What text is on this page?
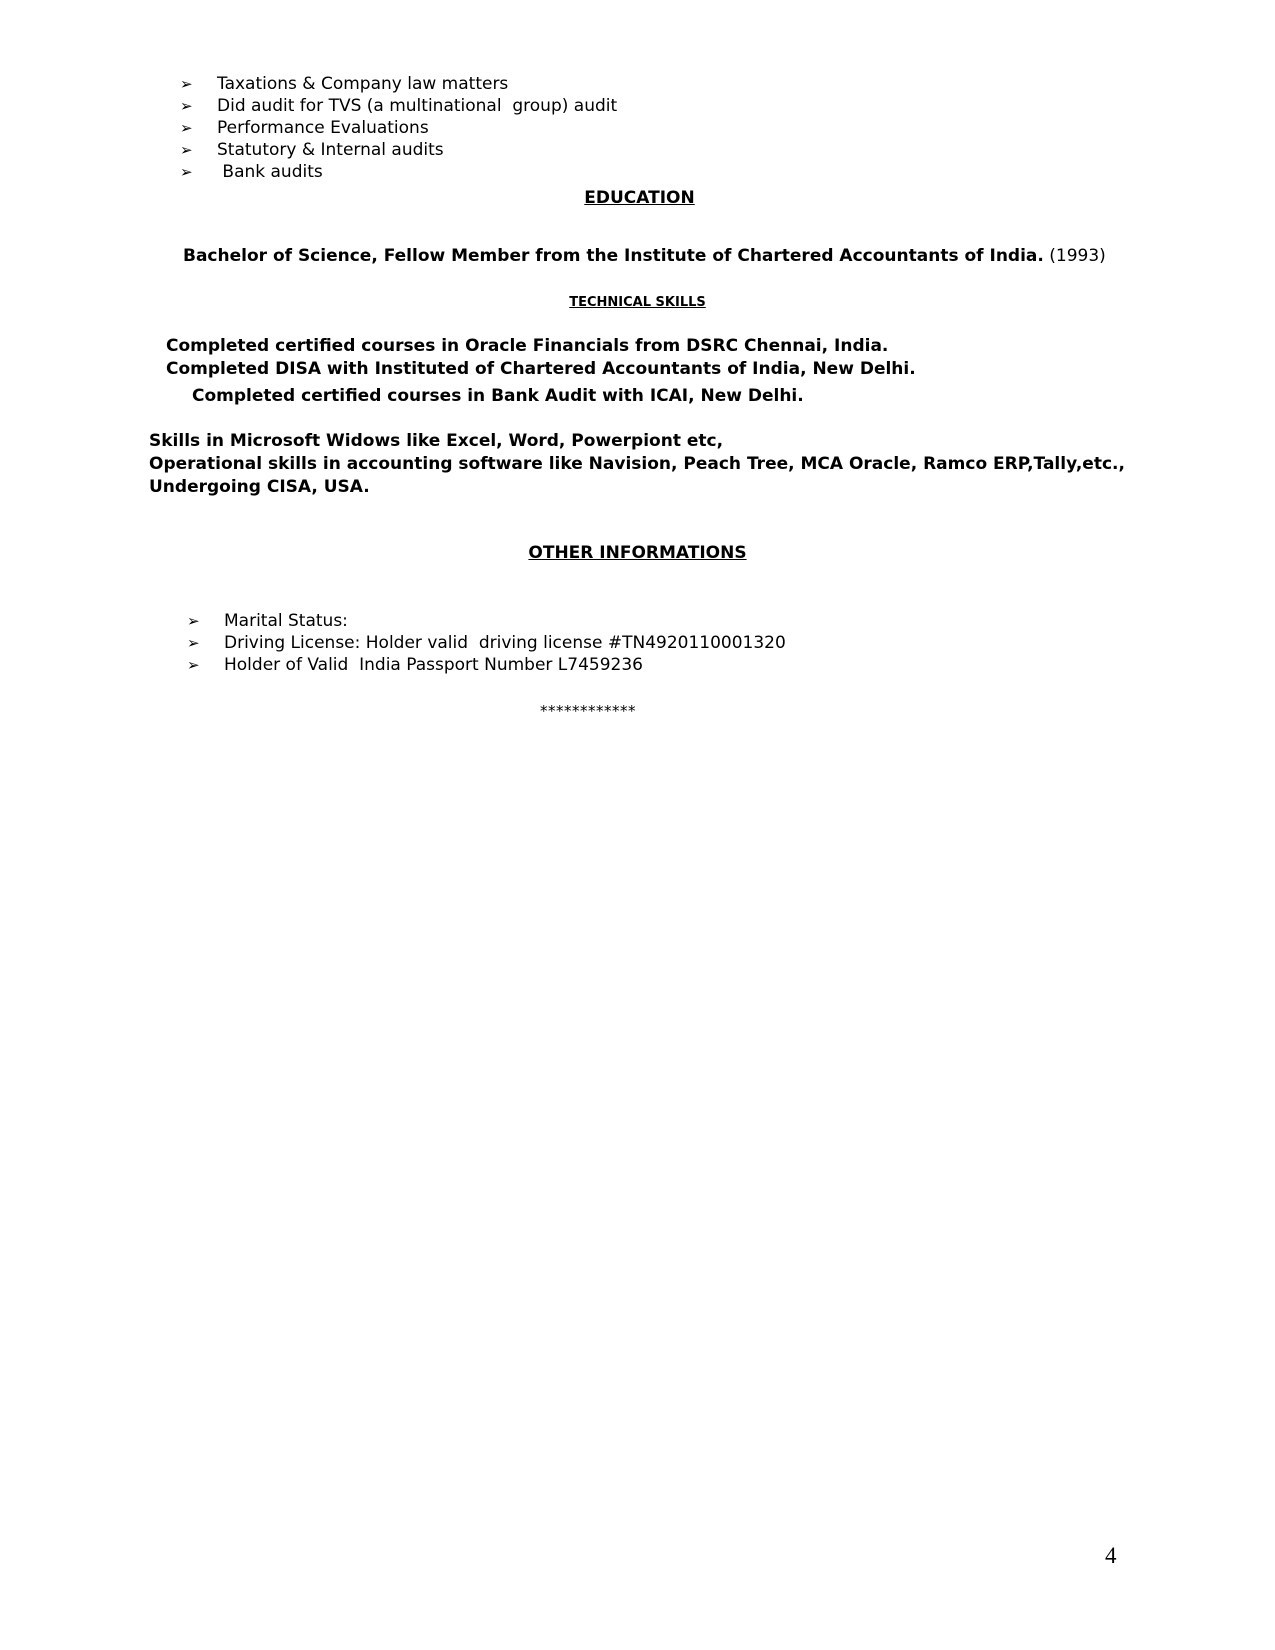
➢ Taxations & Company law matters
➢ Did audit for TVS (a multinational  group) audit
➢ Performance Evaluations
➢ Statutory & Internal audits
➢ Bank audits
EDUCATION
Bachelor of Science, Fellow Member from the Institute of Chartered Accountants of India. (1993)
TECHNICAL SKILLS
Completed certified courses in Oracle Financials from DSRC Chennai, India.
Completed DISA with Instituted of Chartered Accountants of India, New Delhi.
Completed certified courses in Bank Audit with ICAI, New Delhi.
Skills in Microsoft Widows like Excel, Word, Powerpiont etc,
Operational skills in accounting software like Navision, Peach Tree, MCA Oracle, Ramco ERP,Tally,etc.,
Undergoing CISA, USA.
OTHER INFORMATIONS
➢ Marital Status:
➢ Driving License: Holder valid  driving license #TN4920110001320
➢ Holder of Valid  India Passport Number L7459236
************
4
